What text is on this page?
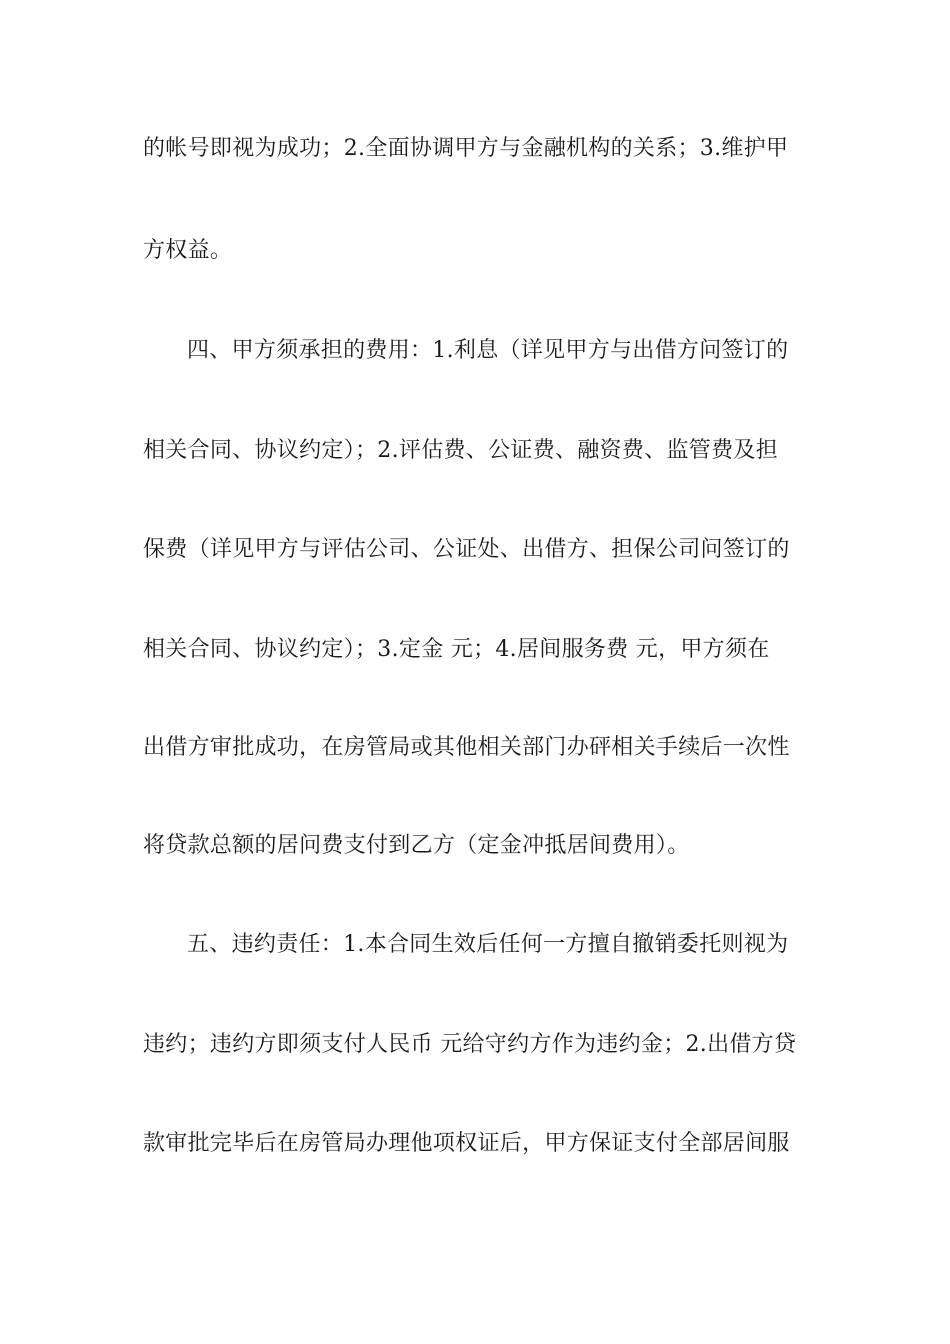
的帐号即视为成功；2.全面协调甲方与金融机构的关系；3.维护甲
方权益。
四、甲方须承担的费用：1.利息（详见甲方与出借方问签订的
相关合同、协议约定）；2.评估费、公证费、融资费、监管费及担
保费（详见甲方与评估公司、公证处、出借方、担保公司问签订的
相关合同、协议约定）；3.定金 元；4.居间服务费 元，甲方须在
出借方审批成功，在房管局或其他相关部门办砰相关手续后一次性
将贷款总额的居问费支付到乙方（定金冲抵居间费用）。
五、违约责任：1.本合同生效后任何一方擅自撤销委托则视为
违约；违约方即须支付人民币 元给守约方作为违约金；2.出借方贷
款审批完毕后在房管局办理他项权证后，甲方保证支付全部居间服
